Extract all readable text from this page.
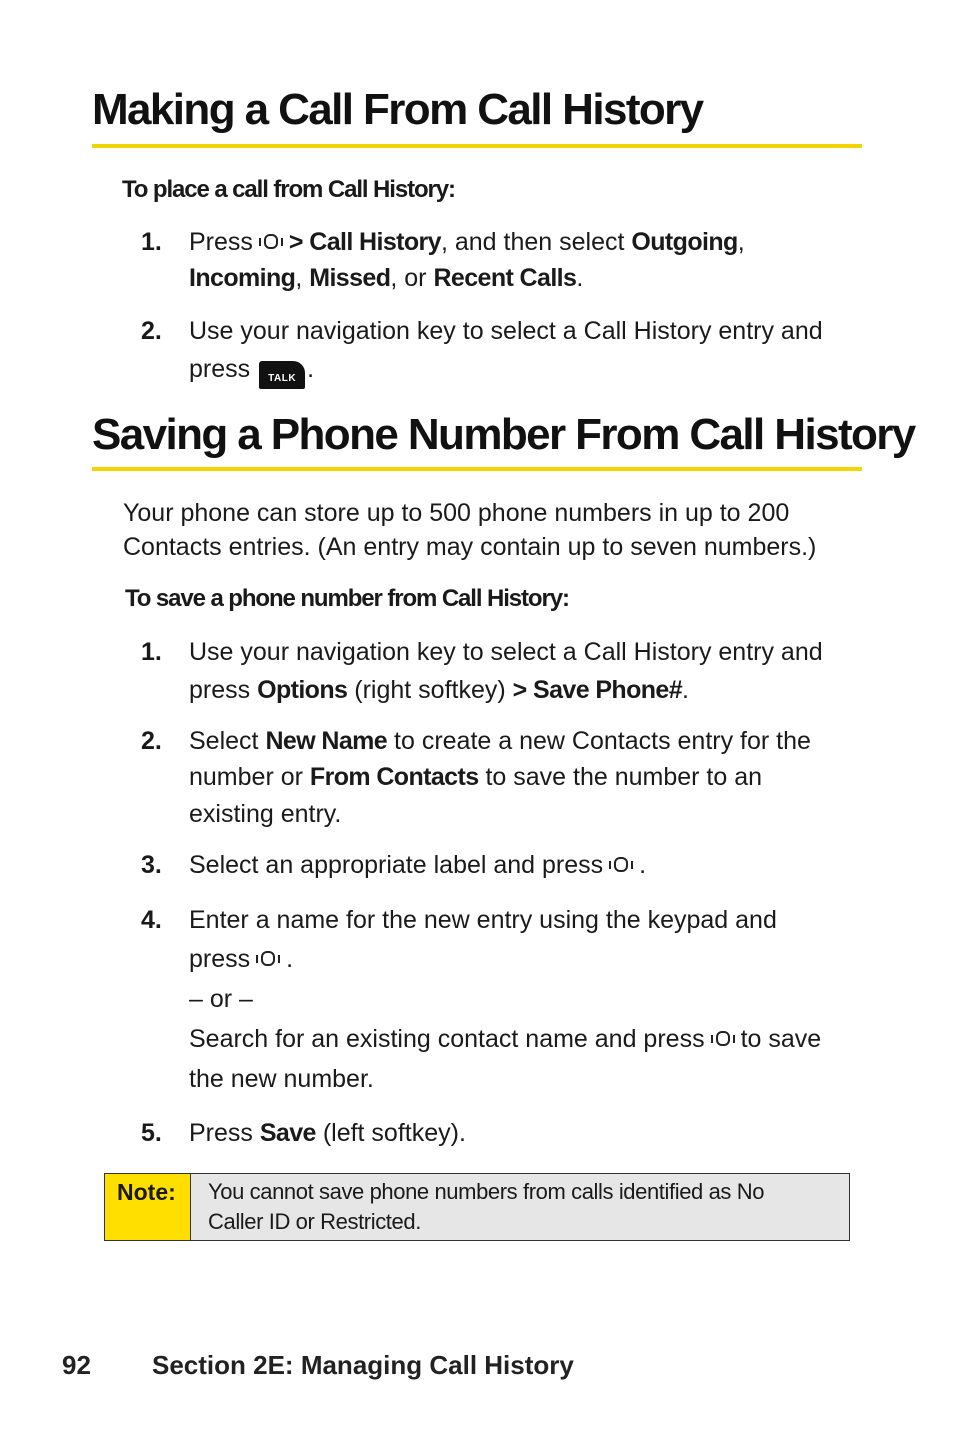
Making a Call From Call History
To place a call from Call History:
1. Press > Call History, and then select Outgoing,
Incoming, Missed, or Recent Calls.
2. Use your navigation key to select a Call History entry and
press TALK .
Saving a Phone Number From Call History
Your phone can store up to 500 phone numbers in up to 200
Contacts entries. (An entry may contain up to seven numbers.)
To save a phone number from Call History:
1. Use your navigation key to select a Call History entry and
press Options (right softkey) > Save Phone#.
2. Select New Name to create a new Contacts entry for the
number or From Contacts to save the number to an
existing entry.
3. Select an appropriate label and press .
4. Enter a name for the new entry using the keypad and
press .
– or –
Search for an existing contact name and press to save
the new number.
5. Press Save (left softkey).
Note:	You cannot save phone numbers from calls identified as No
Caller ID or Restricted.
92 Section 2E: Managing Call History
